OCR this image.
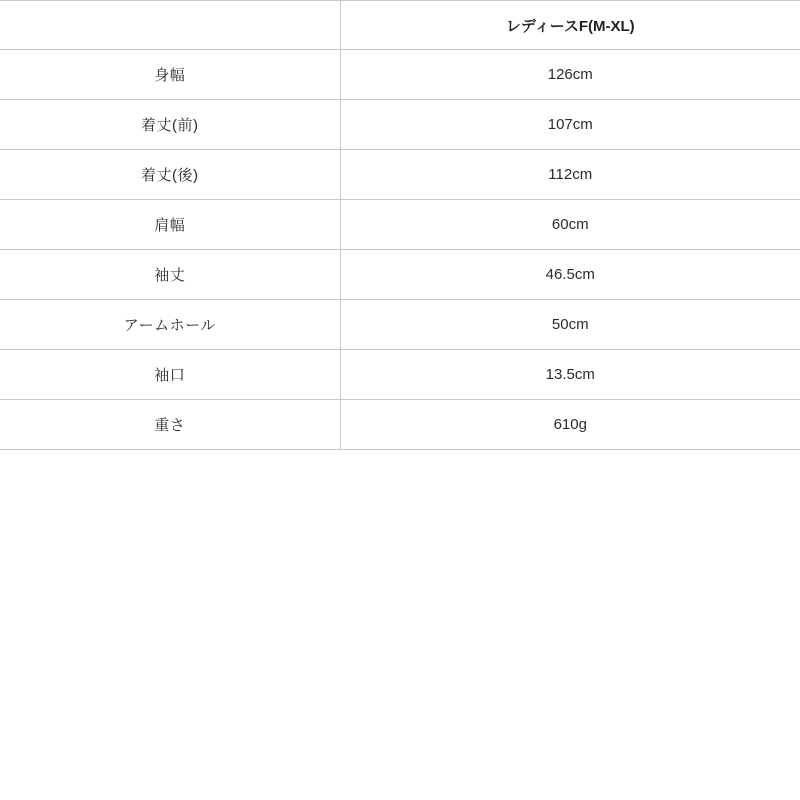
	レディースF(M-XL)
身幅	126cm
着丈(前)	107cm
着丈(後)	112cm
肩幅	60cm
袖丈	46.5cm
アームホール	50cm
袖口	13.5cm
重さ	610g
